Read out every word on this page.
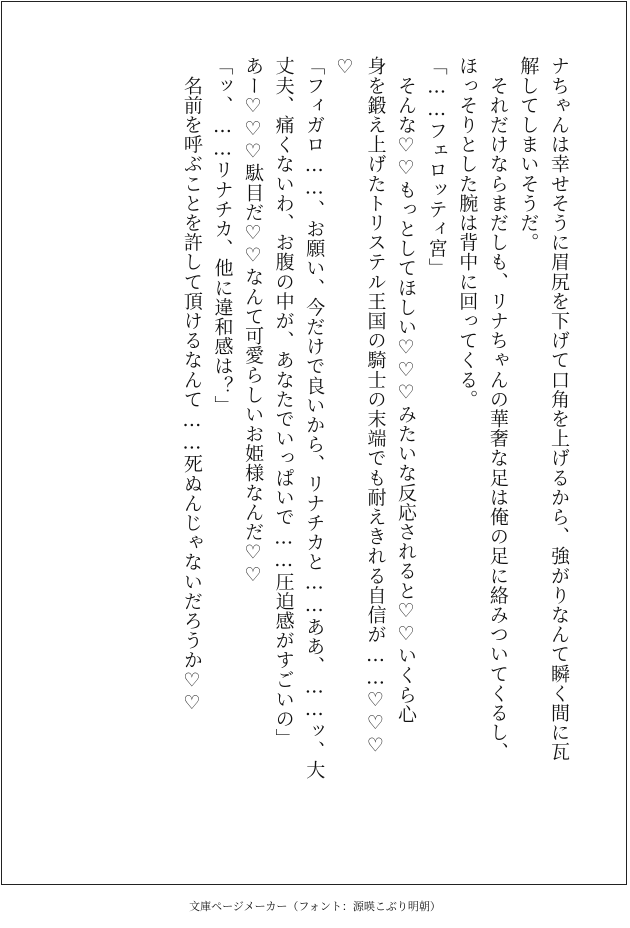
ナちゃんは幸せそうに眉尻を下げて口角を上げるから、強がりなんて瞬く間に瓦

解してしまいそうだ。

　それだけならまだしも、リナちゃんの華奢な足は俺の足に絡みついてくるし、

ほっそりとした腕は背中に回ってくる。

「……フェロッティ宮」

　そんな♡♡もっとしてほしい♡♡♡みたいな反応されると♡♡いくら心

身を鍛え上げたトリステル王国の騎士の末端でも耐えきれる自信が……♡♡♡

♡

「フィガロ……、お願い、今だけで良いから、リナチカと……ああ、……ッ、大

丈夫、痛くないわ、お腹の中が、あなたでいっぱいで……圧迫感がすごいの」

あー♡♡♡駄目だ♡♡なんて可愛らしいお姫様なんだ♡♡

「ッ、……リナチカ、他に違和感は？」

　名前を呼ぶことを許して頂けるなんて……死ぬんじゃないだろうか♡♡

文庫ページメーカー（フォント：源暎こぶり明朝）
